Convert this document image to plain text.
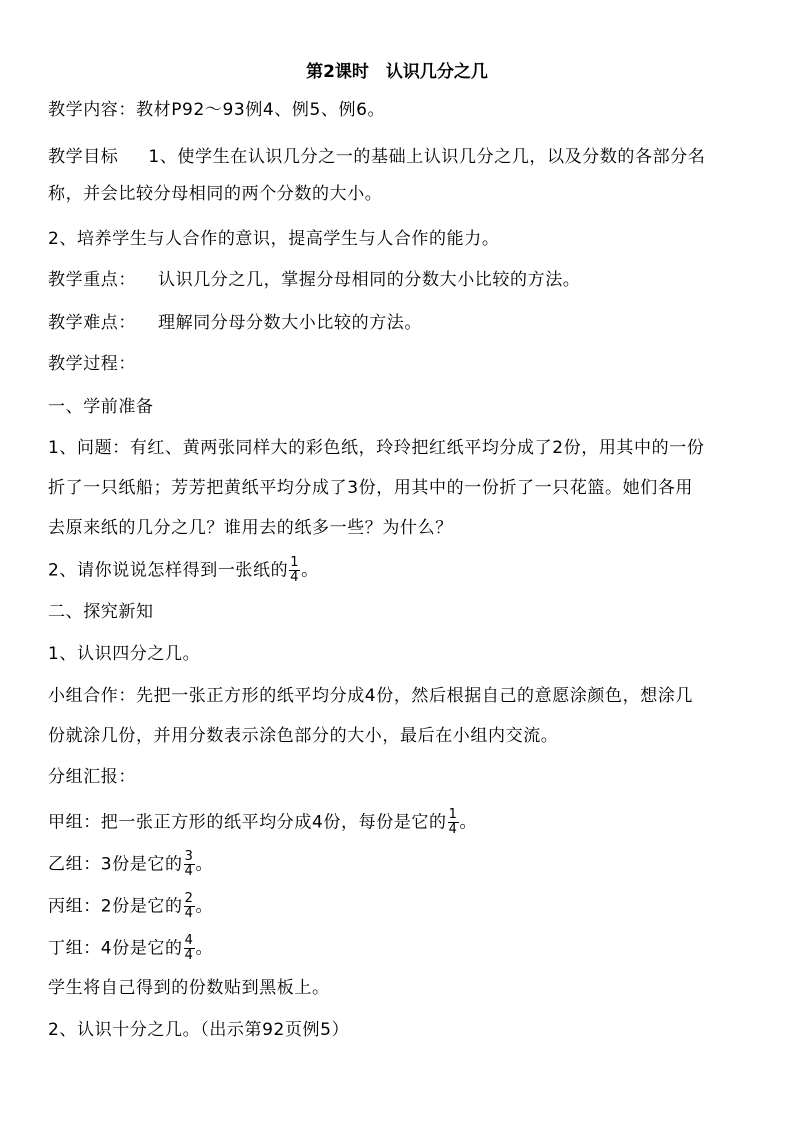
第2课时　认识几分之几
教学内容：教材P92～93例4、例5、例6。
教学目标 1、使学生在认识几分之一的基础上认识几分之几，以及分数的各部分名
称，并会比较分母相同的两个分数的大小。
2、培养学生与人合作的意识，提高学生与人合作的能力。
教学重点： 认识几分之几，掌握分母相同的分数大小比较的方法。
教学难点： 理解同分母分数大小比较的方法。
教学过程：
一、学前准备
1、问题：有红、黄两张同样大的彩色纸，玲玲把红纸平均分成了2份，用其中的一份
折了一只纸船；芳芳把黄纸平均分成了3份，用其中的一份折了一只花篮。她们各用
去原来纸的几分之几？谁用去的纸多一些？为什么？
2、请你说说怎样得到一张纸的 $\frac{1}{4}$ 。
二、探究新知
1、认识四分之几。
小组合作：先把一张正方形的纸平均分成4份，然后根据自己的意愿涂颜色，想涂几
份就涂几份，并用分数表示涂色部分的大小，最后在小组内交流。
分组汇报：
甲组：把一张正方形的纸平均分成4份，每份是它的 $\frac{1}{4}$ 。
乙组：3份是它的 $\frac{3}{4}$ 。
丙组：2份是它的 $\frac{2}{4}$ 。
丁组：4份是它的 $\frac{4}{4}$ 。
学生将自己得到的份数贴到黑板上。
2、认识十分之几。（出示第92页例5）
